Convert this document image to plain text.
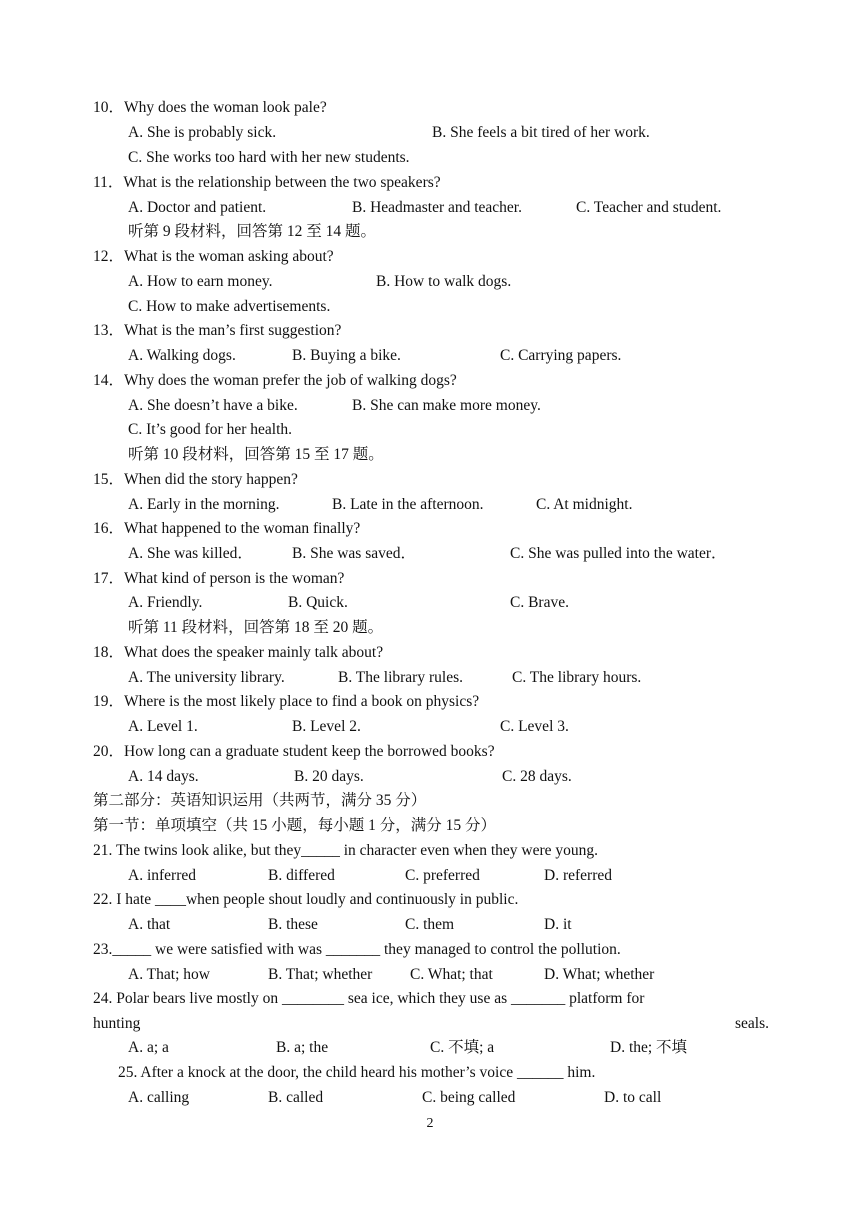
10．Why does the woman look pale?
A. She is probably sick.	B. She feels a bit tired of her work.
C. She works too hard with her new students.
11．What is the relationship between the two speakers?
A. Doctor and patient.	B. Headmaster and teacher.	C. Teacher and student.
听第 9 段材料，回答第 12 至 14 题。
12．What is the woman asking about?
A. How to earn money.	B. How to walk dogs.
C. How to make advertisements.
13．What is the man’s first suggestion?
A. Walking dogs.	B. Buying a bike.	C. Carrying papers.
14．Why does the woman prefer the job of walking dogs?
A. She doesn’t have a bike.	B. She can make more money.
C. It’s good for her health.
听第 10 段材料，回答第 15 至 17 题。
15．When did the story happen?
A. Early in the morning.	B. Late in the afternoon.	C. At midnight.
16．What happened to the woman finally?
A. She was killed．	B. She was saved．	C. She was pulled into the water．
17．What kind of person is the woman?
A. Friendly.	B. Quick.	C. Brave.
听第 11 段材料，回答第 18 至 20 题。
18．What does the speaker mainly talk about?
A. The university library.	B. The library rules.	C. The library hours.
19．Where is the most likely place to find a book on physics?
A. Level 1.	B. Level 2.	C. Level 3.
20．How long can a graduate student keep the borrowed books?
A. 14 days.	B. 20 days.	C. 28 days.
第二部分：英语知识运用（共两节，满分 35 分）
第一节：单项填空（共 15 小题，每小题 1 分，满分 15 分）
21. The twins look alike, but they_____ in character even when they were young.
A. inferred	B. differed	C. preferred	D. referred
22. I hate ____when people shout loudly and continuously in public.
A. that	B. these	C. them	D. it
23._____ we were satisfied with was _______ they managed to control the pollution.
A. That; how	B. That; whether C. What; that	D. What; whether
24. Polar bears live mostly on ________ sea ice, which they use as _______ platform for
hunting seals.
A. a; a	B. a; the	C. 不填; a	D. the; 不填
25. After a knock at the door, the child heard his mother’s voice ______ him.
A. calling	B. called	C. being called	D. to call
2
